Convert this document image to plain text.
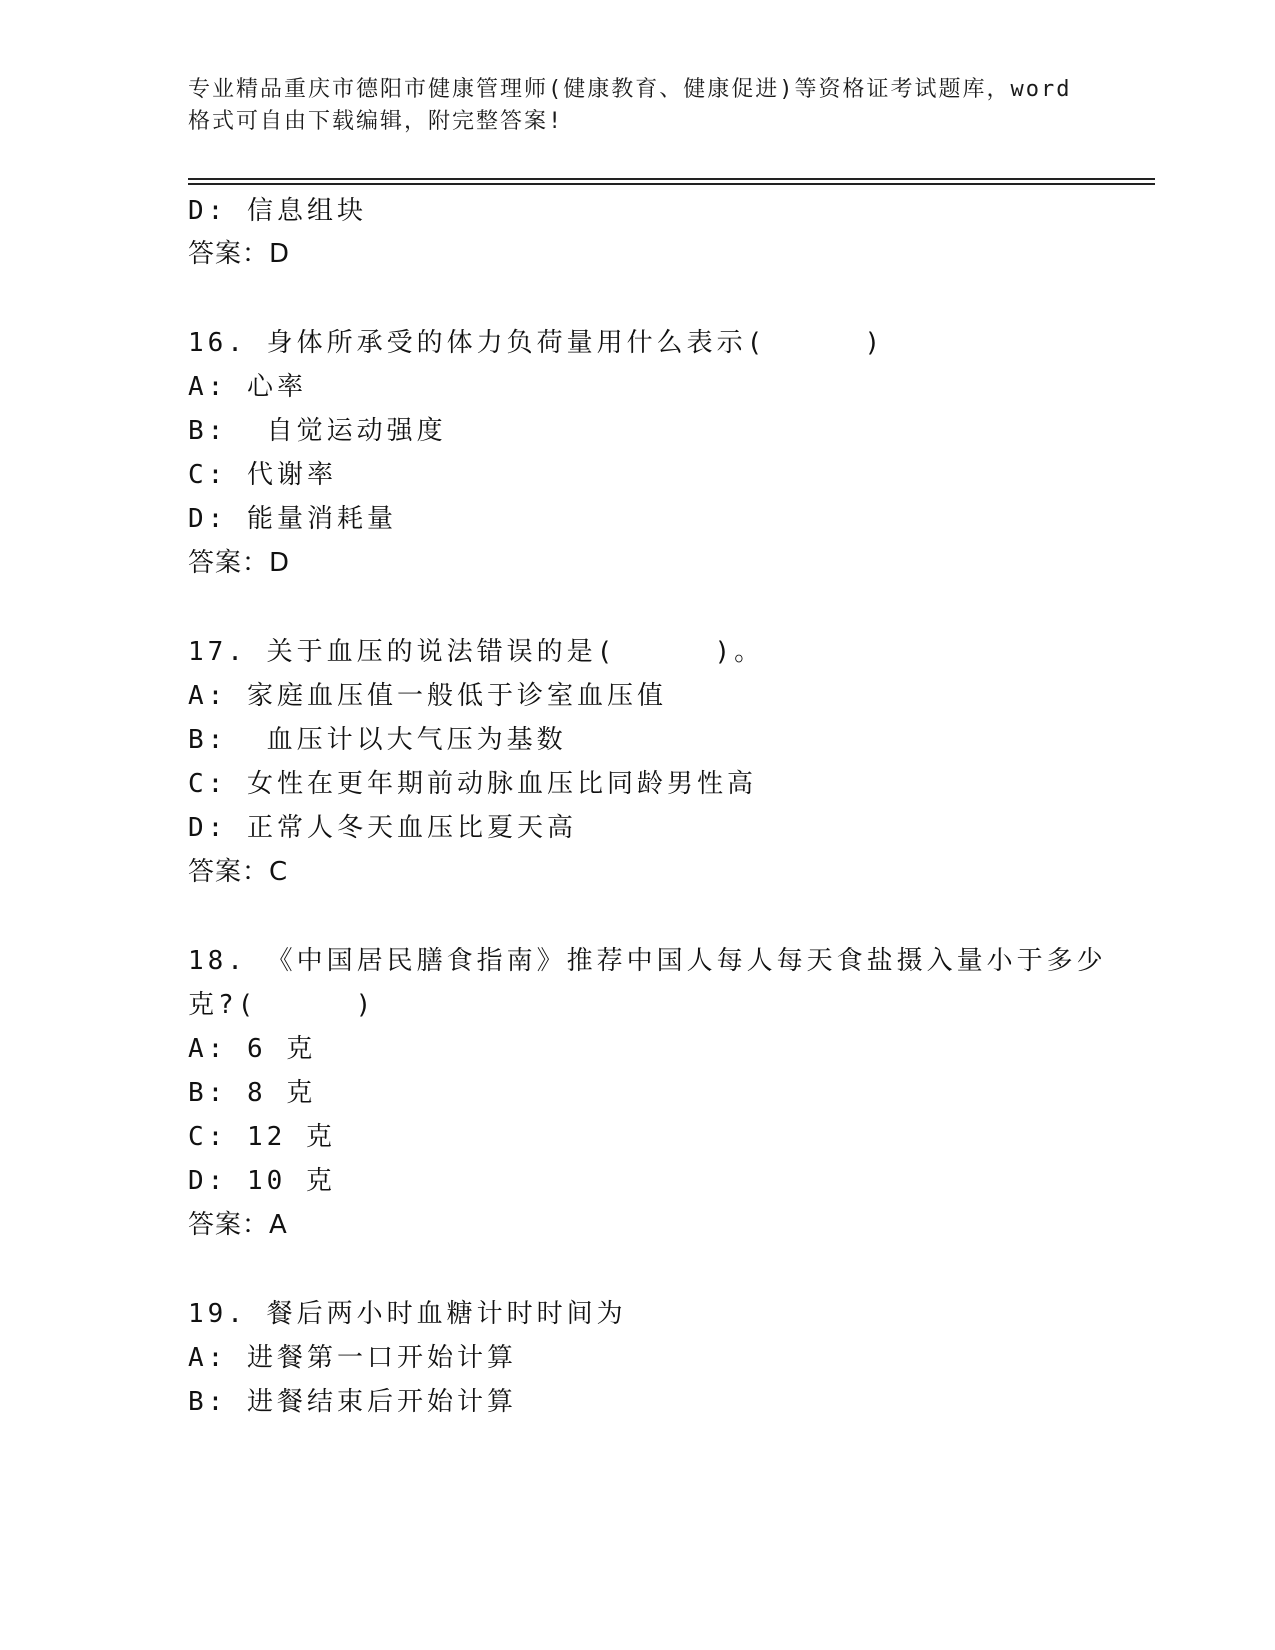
专业精品重庆市德阳市健康管理师(健康教育、健康促进)等资格证考试题库，word
格式可自由下载编辑，附完整答案!
D: 信息组块
答案：D
16. 身体所承受的体力负荷量用什么表示(     )
A: 心率
B:  自觉运动强度
C: 代谢率
D: 能量消耗量
答案：D
17. 关于血压的说法错误的是(     )。
A: 家庭血压值一般低于诊室血压值
B:  血压计以大气压为基数
C: 女性在更年期前动脉血压比同龄男性高
D: 正常人冬天血压比夏天高
答案：C
18. 《中国居民膳食指南》推荐中国人每人每天食盐摄入量小于多少
克?(     )
A: 6 克
B: 8 克
C: 12 克
D: 10 克
答案：A
19. 餐后两小时血糖计时时间为
A: 进餐第一口开始计算
B: 进餐结束后开始计算
